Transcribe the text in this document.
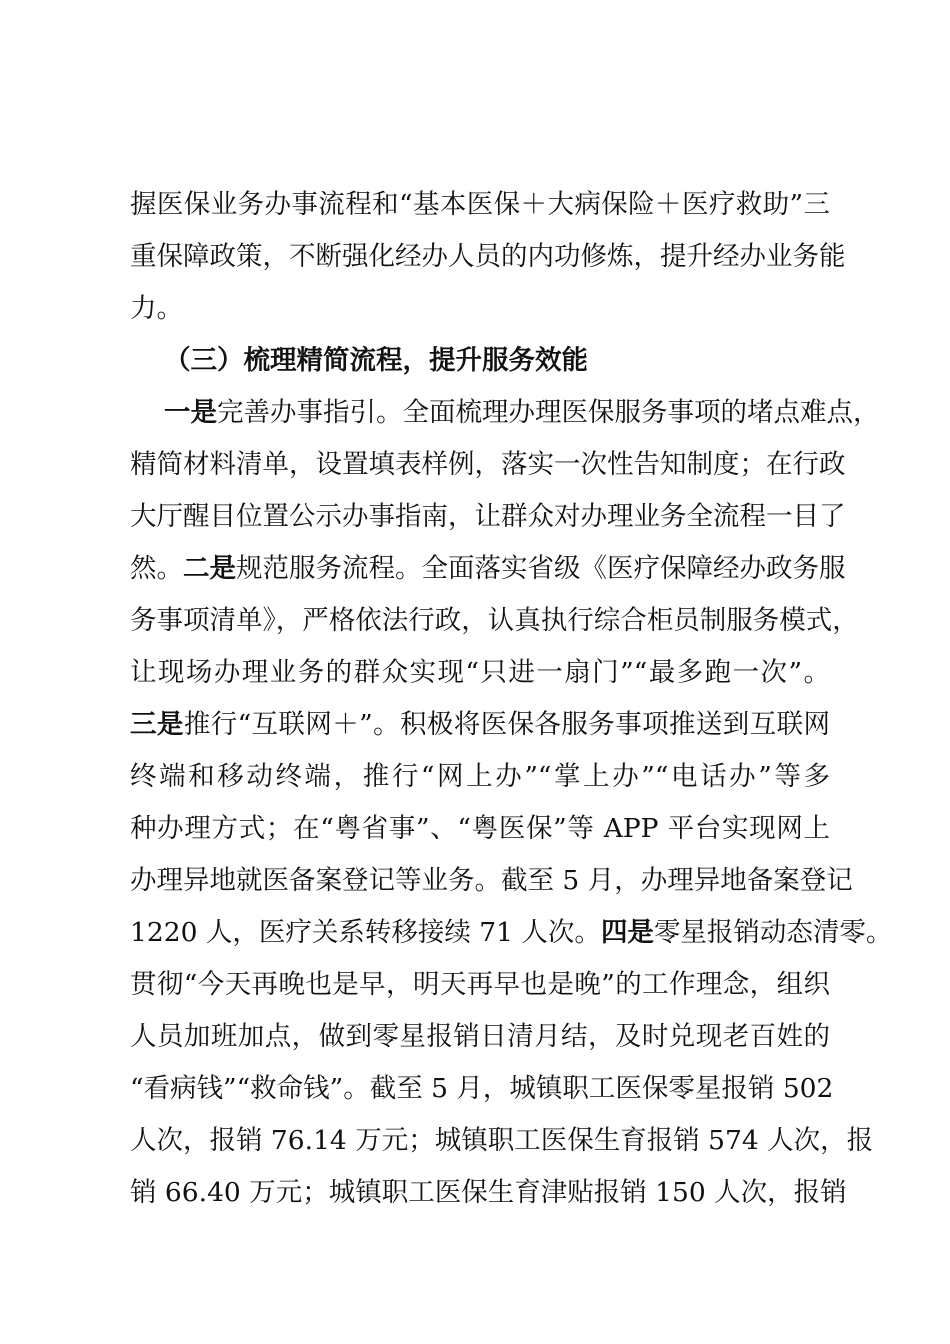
握医保业务办事流程和“基本医保＋大病保险＋医疗救助”三
重保障政策，不断强化经办人员的内功修炼，提升经办业务能
力。
（三）梳理精简流程，提升服务效能
一是完善办事指引。全面梳理办理医保服务事项的堵点难点，
精简材料清单，设置填表样例，落实一次性告知制度；在行政
大厅醒目位置公示办事指南，让群众对办理业务全流程一目了
然。二是规范服务流程。全面落实省级《医疗保障经办政务服
务事项清单》，严格依法行政，认真执行综合柜员制服务模式，
让现场办理业务的群众实现“只进一扇门”“最多跑一次”。
三是推行“互联网＋”。积极将医保各服务事项推送到互联网
终端和移动终端，推行“网上办”“掌上办”“电话办”等多
种办理方式；在“粤省事”、“粤医保”等 APP 平台实现网上
办理异地就医备案登记等业务。截至 5 月，办理异地备案登记
1220 人，医疗关系转移接续 71 人次。四是零星报销动态清零。
贯彻“今天再晚也是早，明天再早也是晚”的工作理念，组织
人员加班加点，做到零星报销日清月结，及时兑现老百姓的
“看病钱”“救命钱”。截至 5 月，城镇职工医保零星报销 502
人次，报销 76.14 万元；城镇职工医保生育报销 574 人次，报
销 66.40 万元；城镇职工医保生育津贴报销 150 人次，报销
